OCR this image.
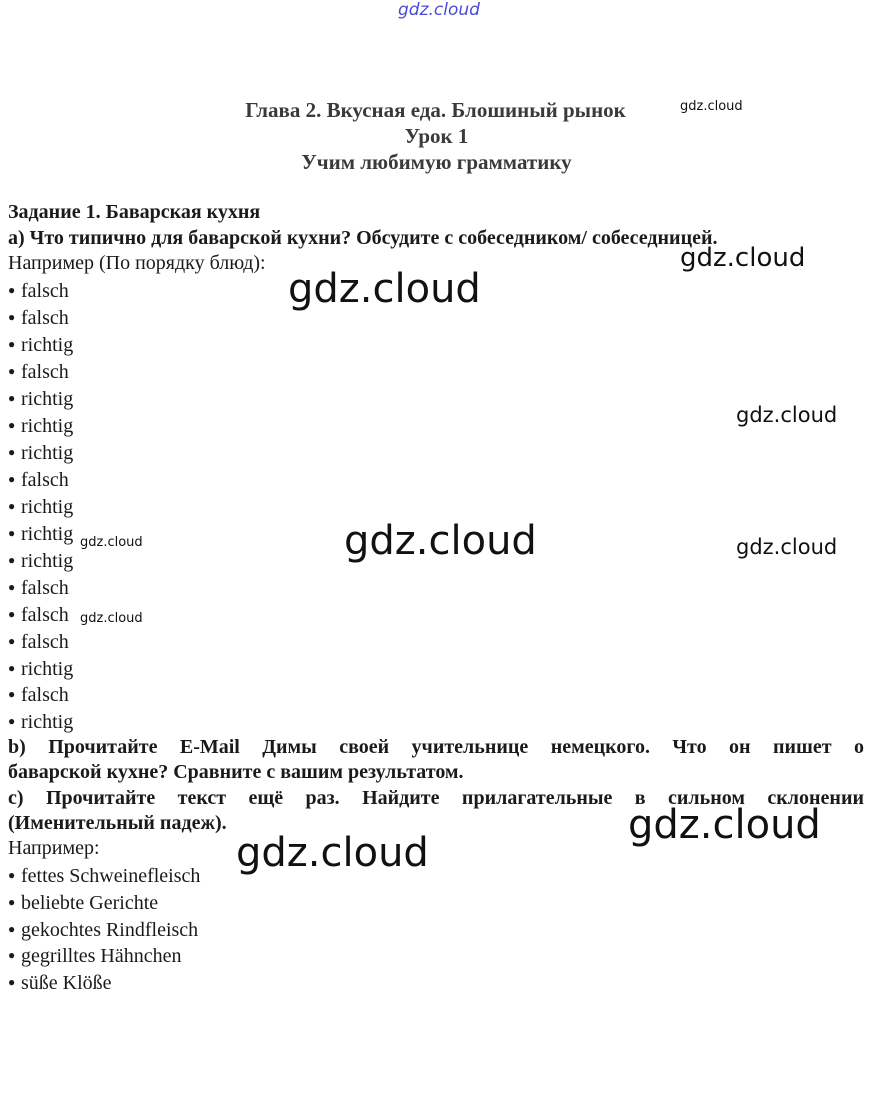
gdz.cloud
gdz.cloud
gdz.cloud
gdz.cloud
gdz.cloud
gdz.cloud	gdz.cloud
gdz.cloud
gdz.cloud
gdz.cloud
gdz.cloud
Глава 2. Вкусная еда. Блошиный рынок
Урок 1
Учим любимую грамматику
Задание 1. Баварская кухня
а) Что типично для баварской кухни? Обсудите с собеседником/ собеседницей.
Например (По порядку блюд):
● falsch
● falsch
● richtig
● falsch
● richtig
● richtig
● richtig
● falsch
● richtig
● richtig
● richtig
● falsch
● falsch
● falsch
● richtig
● falsch
● richtig
b) Прочитайте E-Mail Димы своей учительнице немецкого. Что он пишет о
баварской кухне? Сравните с вашим результатом.
c) Прочитайте текст ещё раз. Найдите прилагательные в сильном склонении
(Именительный падеж).
Например:
● fettes Schweinefleisch
● beliebte Gerichte
● gekochtes Rindfleisch
● gegrilltes Hähnchen
● süße Klöße
gdz.cloud
